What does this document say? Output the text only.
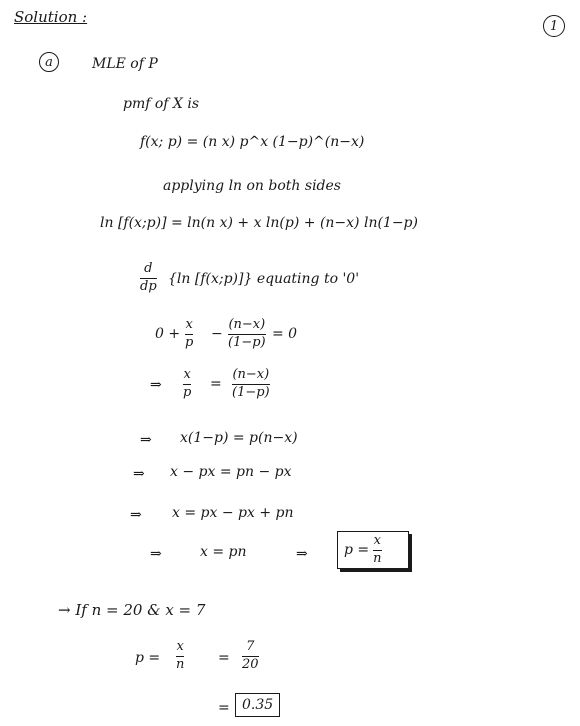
Solution :	1
a	MLE of P
pmf of X is
f(x; p) = (n x) p^x (1−p)^(n−x)
applying ln on both sides
ln [f(x;p)] = ln(n x) + x ln(p) + (n−x) ln(1−p)
d
dp {ln [f(x;p)]} equating to '0'
0 +
x
p
−
(n−x)
(1−p)
= 0
⇒
x
p
=
(n−x)
(1−p)
⇒ x(1−p) = p(n−x)
⇒ x − px = pn − px
⇒ x = px − px + pn
⇒	x = pn	⇒	$p = \frac{x}{n}$
→ If n = 20 & x = 7
p =
x
n =
7
20
= 0.35
